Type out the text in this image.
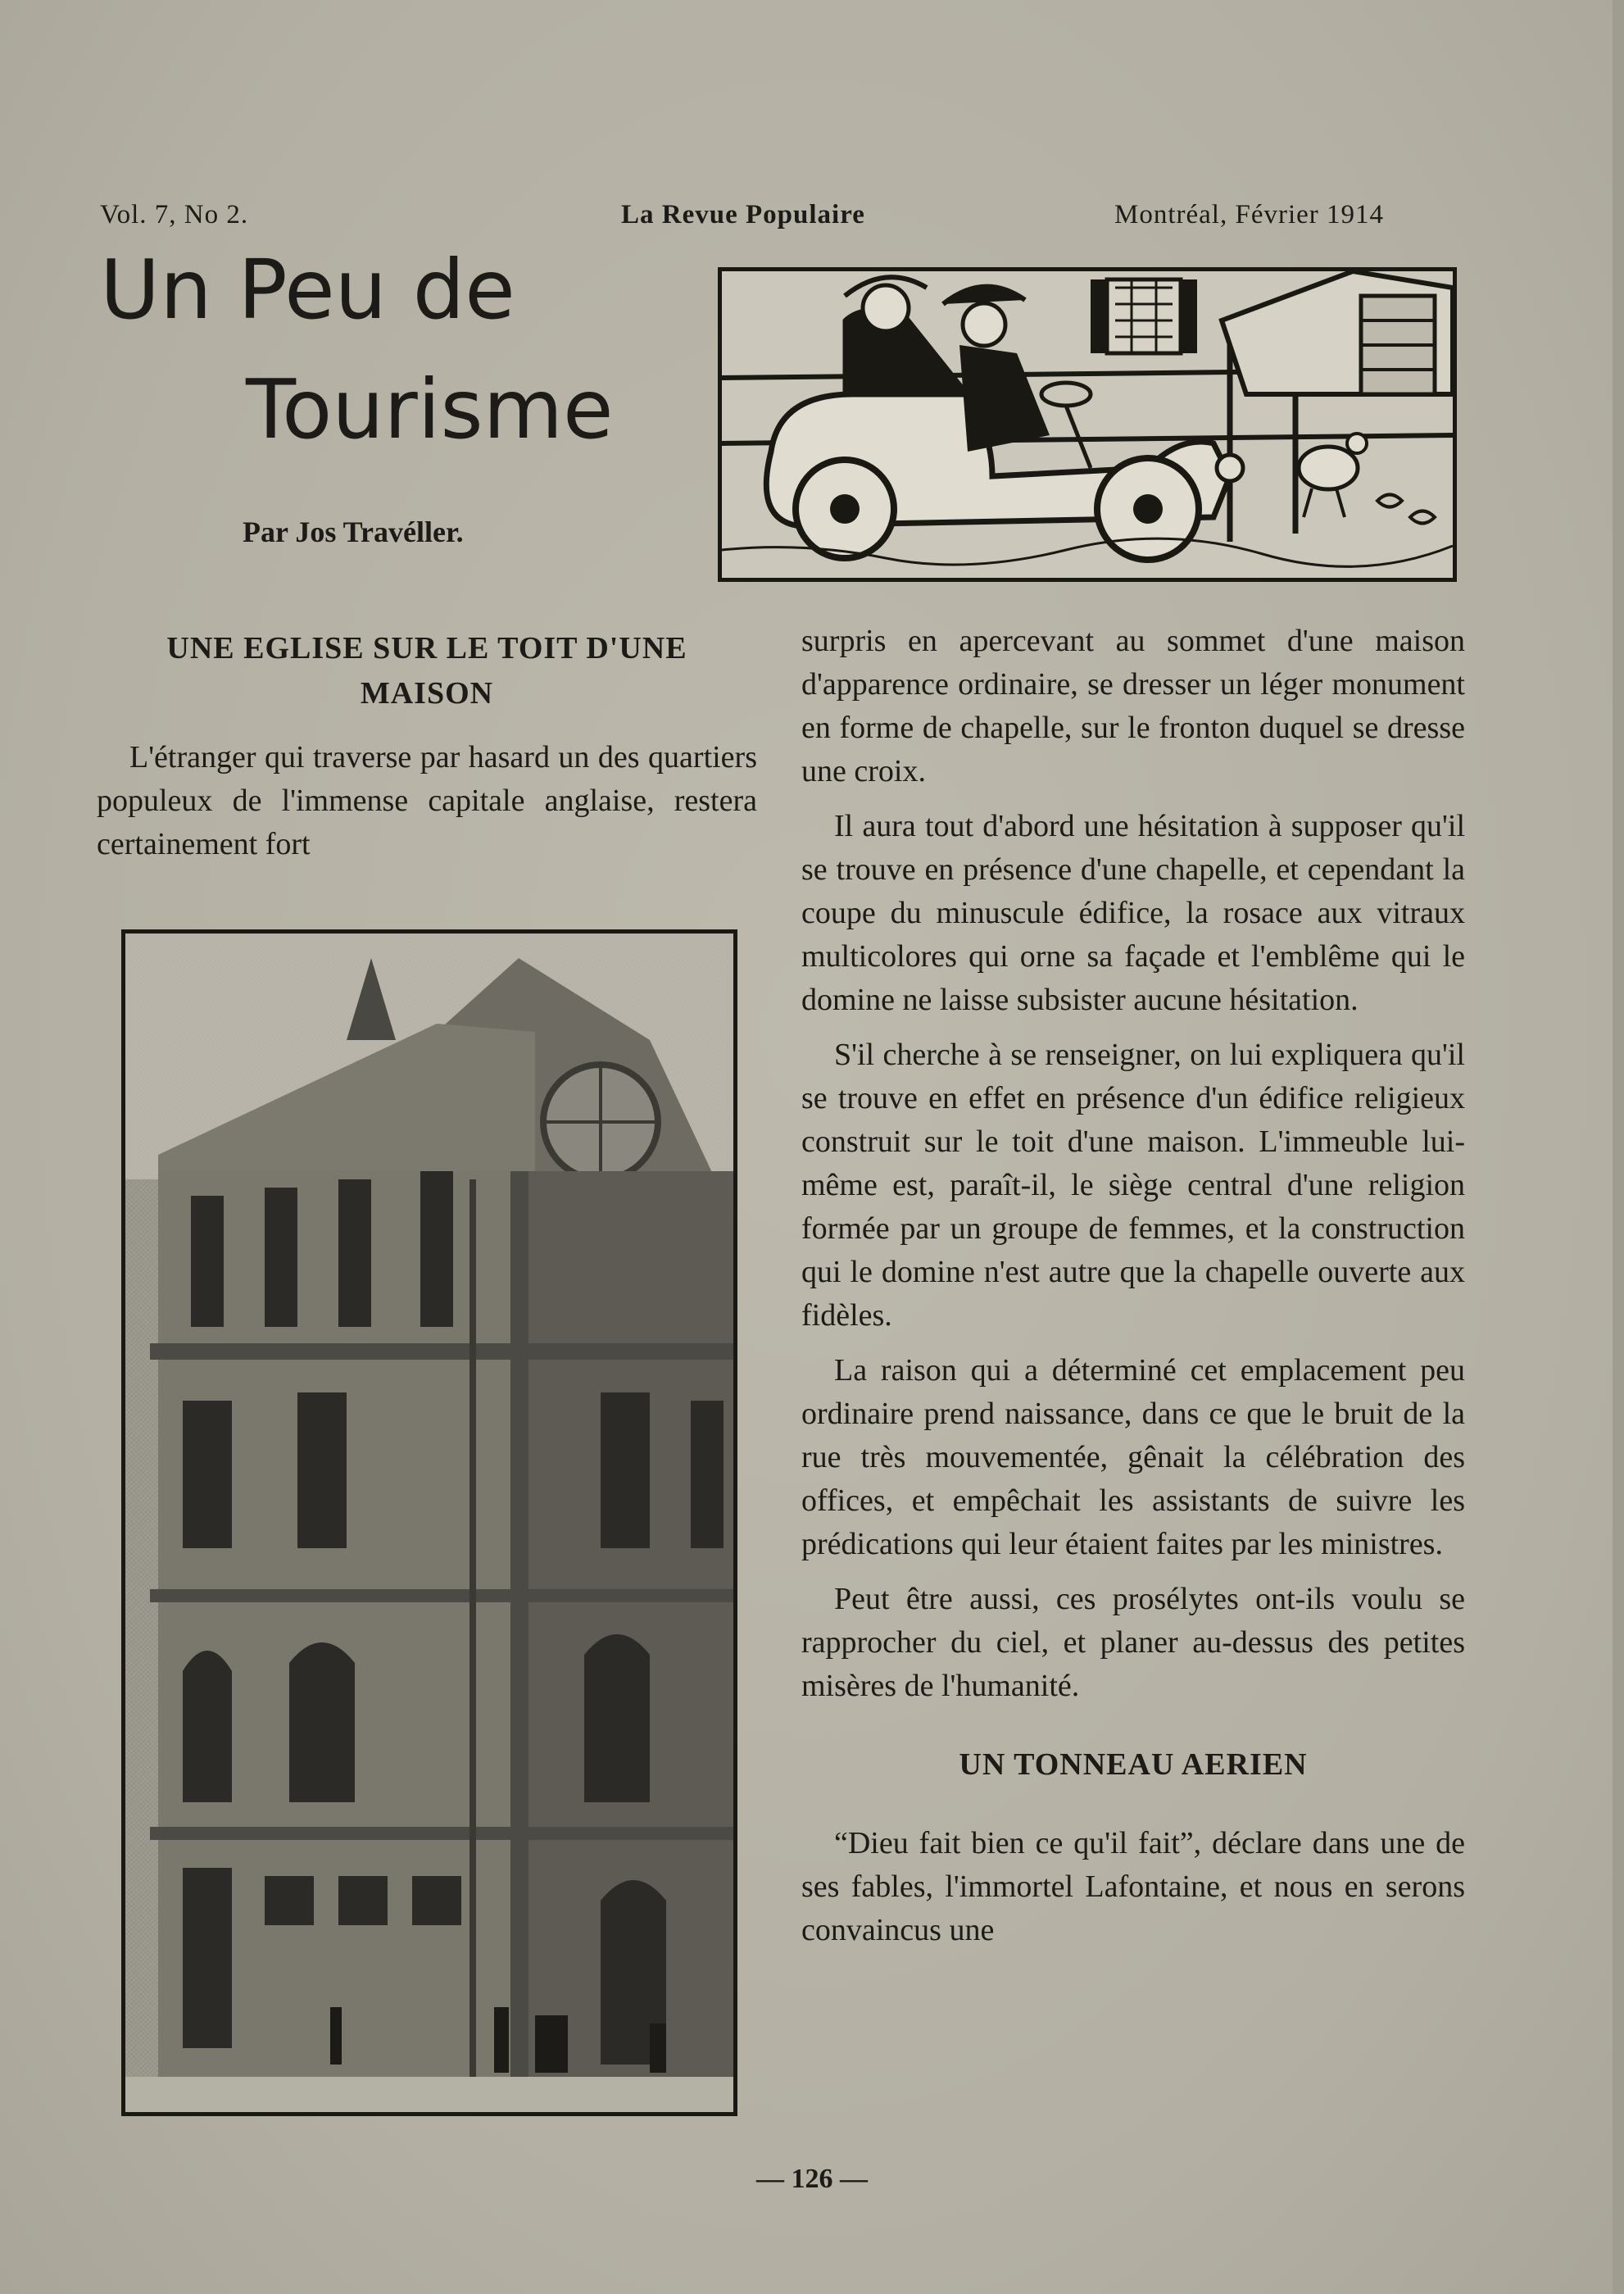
Vol. 7, No 2.	La Revue Populaire	Montréal, Février 1914
Un Peu de
Tourisme
Par Jos Travéller.
UNE EGLISE SUR LE TOIT D'UNE
MAISON

L'étranger qui traverse par hasard un des quartiers populeux de l'immense capitale anglaise, restera certainement fort

surpris en apercevant au sommet d'une maison d'apparence ordinaire, se dresser un léger monument en forme de chapelle, sur le fronton duquel se dresse une croix.

Il aura tout d'abord une hésitation à supposer qu'il se trouve en présence d'une chapelle, et cependant la coupe du minuscule édifice, la rosace aux vitraux multicolores qui orne sa façade et l'emblême qui le domine ne laisse subsister aucune hésitation.

S'il cherche à se renseigner, on lui expliquera qu'il se trouve en effet en présence d'un édifice religieux construit sur le toit d'une maison. L'immeuble lui-même est, paraît-il, le siège central d'une religion formée par un groupe de femmes, et la construction qui le domine n'est autre que la chapelle ouverte aux fidèles.

La raison qui a déterminé cet emplacement peu ordinaire prend naissance, dans ce que le bruit de la rue très mouvementée, gênait la célébration des offices, et empêchait les assistants de suivre les prédications qui leur étaient faites par les ministres.

Peut être aussi, ces prosélytes ont-ils voulu se rapprocher du ciel, et planer au-dessus des petites misères de l'humanité.

UN TONNEAU AERIEN

“Dieu fait bien ce qu'il fait”, déclare dans une de ses fables, l'immortel Lafontaine, et nous en serons convaincus une

— 126 —
